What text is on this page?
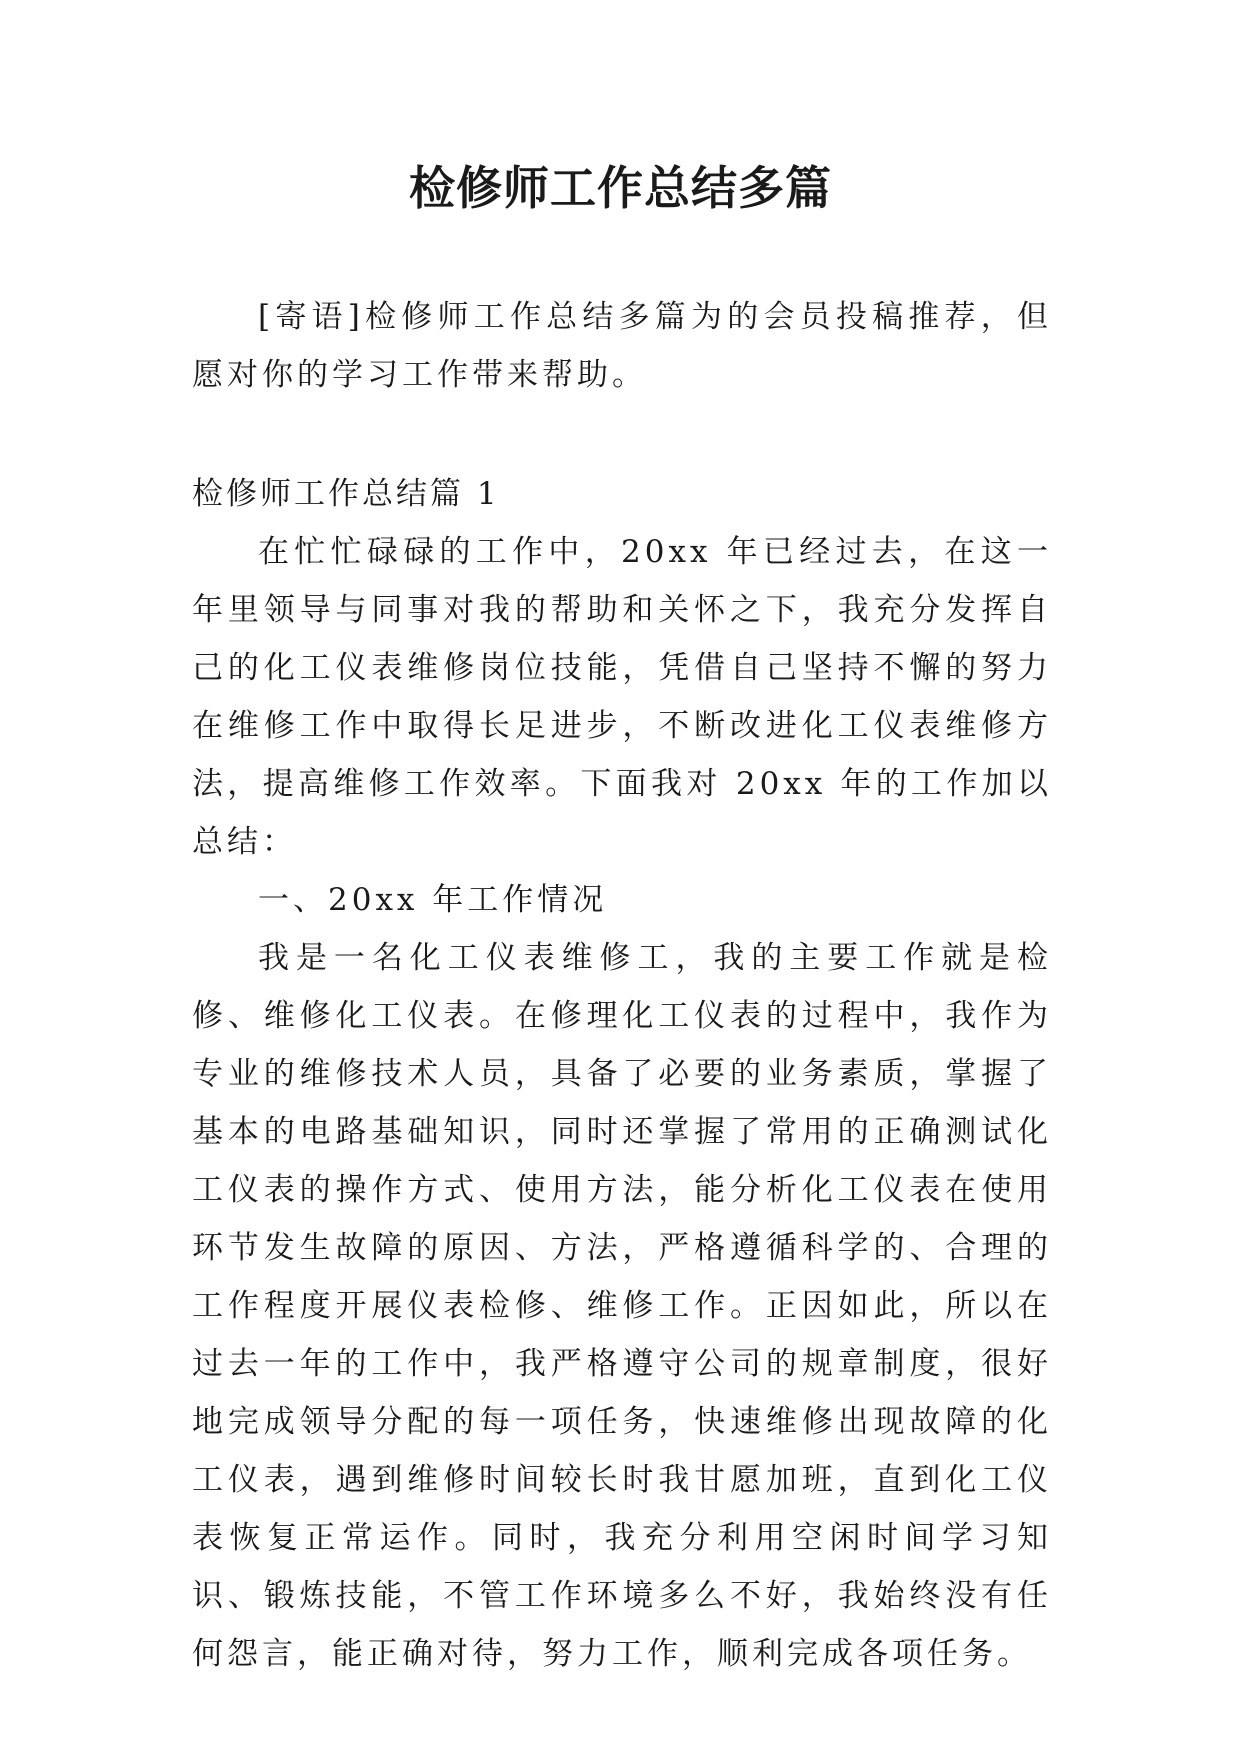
检修师工作总结多篇
[寄语]检修师工作总结多篇为的会员投稿推荐，但愿对你的学习工作带来帮助。
检修师工作总结篇 1

在忙忙碌碌的工作中，20xx 年已经过去，在这一年里领导与同事对我的帮助和关怀之下，我充分发挥自己的化工仪表维修岗位技能，凭借自己坚持不懈的努力在维修工作中取得长足进步，不断改进化工仪表维修方法，提高维修工作效率。下面我对 20xx 年的工作加以总结：

一、20xx 年工作情况

我是一名化工仪表维修工，我的主要工作就是检修、维修化工仪表。在修理化工仪表的过程中，我作为专业的维修技术人员，具备了必要的业务素质，掌握了基本的电路基础知识，同时还掌握了常用的正确测试化工仪表的操作方式、使用方法，能分析化工仪表在使用环节发生故障的原因、方法，严格遵循科学的、合理的工作程度开展仪表检修、维修工作。正因如此，所以在过去一年的工作中，我严格遵守公司的规章制度，很好地完成领导分配的每一项任务，快速维修出现故障的化工仪表，遇到维修时间较长时我甘愿加班，直到化工仪表恢复正常运作。同时，我充分利用空闲时间学习知识、锻炼技能，不管工作环境多么不好，我始终没有任何怨言，能正确对待，努力工作，顺利完成各项任务。
